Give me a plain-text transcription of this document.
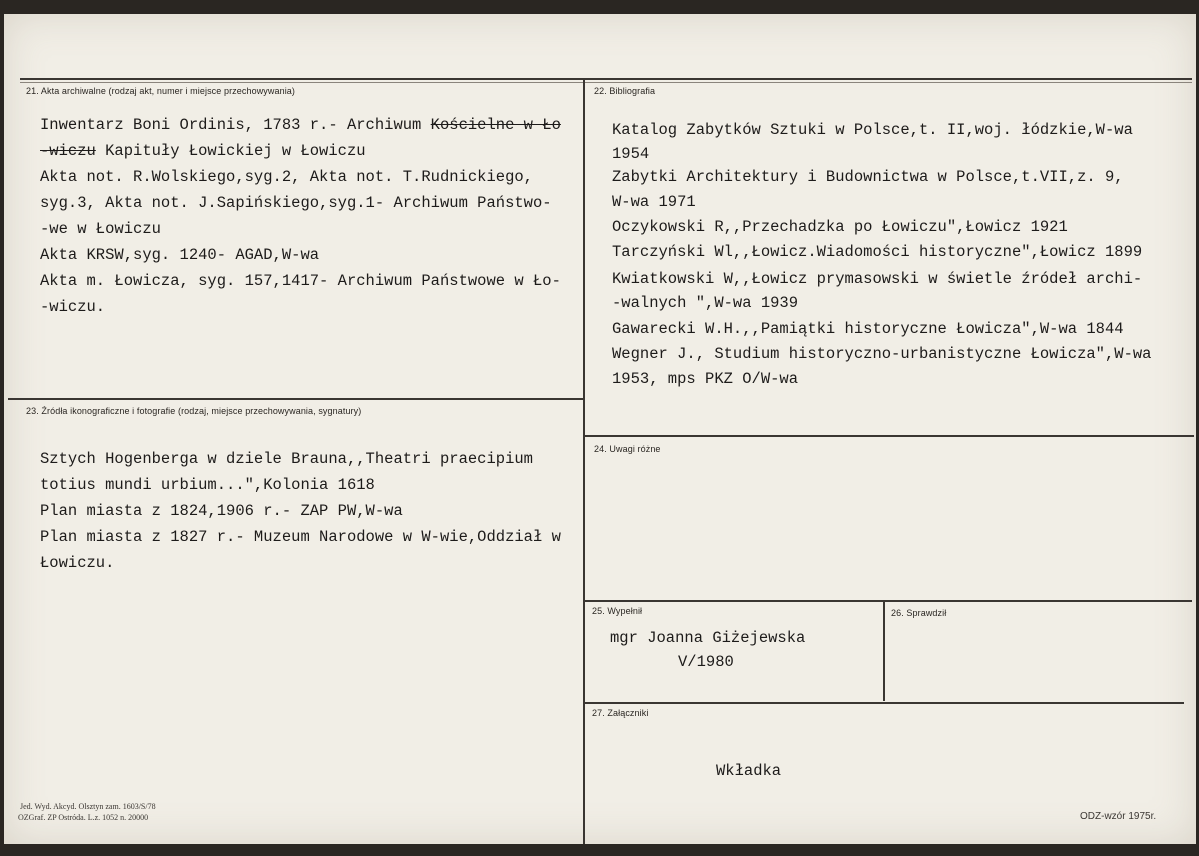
21. Akta archiwalne (rodzaj akt, numer i miejsce przechowywania)
Inwentarz Boni Ordinis, 1783 r.- Archiwum Kościelne w Ło
-wiczu Kapituły Łowickiej w Łowiczu
Akta not. R.Wolskiego,syg.2, Akta not. T.Rudnickiego,
syg.3, Akta not. J.Sapińskiego,syg.1- Archiwum Państwo-
-we w Łowiczu
Akta KRSW,syg. 1240- AGAD,W-wa
Akta m. Łowicza, syg. 157,1417- Archiwum Państwowe w Ło-
-wiczu.
22. Bibliografia
Katalog Zabytków Sztuki w Polsce,t. II,woj. łódzkie,W-wa
1954
Zabytki Architektury i Budownictwa w Polsce,t.VII,z. 9,
W-wa 1971
Oczykowski R,,Przechadzka po Łowiczu",Łowicz 1921
Tarczyński Wl,,Łowicz.Wiadomości historyczne",Łowicz 1899
Kwiatkowski W,,Łowicz prymasowski w świetle źródeł archi-
-walnych ",W-wa 1939
Gawarecki W.H.,,Pamiątki historyczne Łowicza",W-wa 1844
Wegner J., Studium historyczno-urbanistyczne Łowicza",W-wa
1953, mps PKZ O/W-wa
23. Źródła ikonograficzne i fotografie (rodzaj, miejsce przechowywania, sygnatury)
Sztych Hogenberga w dziele Brauna,,Theatri praecipium
totius mundi urbium...",Kolonia 1618
Plan miasta z 1824,1906 r.- ZAP PW,W-wa
Plan miasta z 1827 r.- Muzeum Narodowe w W-wie,Oddział w
Łowiczu.
24. Uwagi różne
25. Wypełnił
mgr Joanna Giżejewska
V/1980
26. Sprawdził
27. Załączniki
Wkładka
Jed. Wyd. Akcyd. Olsztyn zam. 1603/S/78
OZGraf. ZP Ostróda. L.z. 1052 n. 20000	ODZ-wzór 1975r.
